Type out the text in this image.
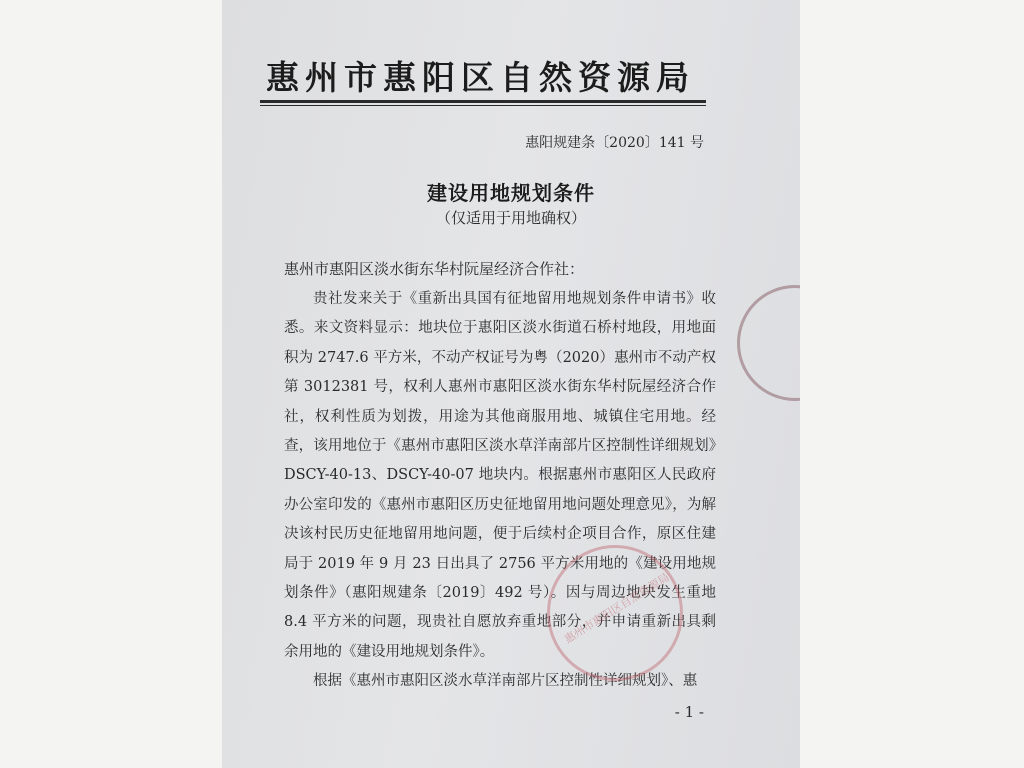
惠州市惠阳区自然资源局
惠阳规建条〔2020〕141 号
建设用地规划条件
（仅适用于用地确权）
惠州市惠阳区淡水街东华村阮屋经济合作社：

贵社发来关于《重新出具国有征地留用地规划条件申请书》收悉。来文资料显示：地块位于惠阳区淡水街道石桥村地段，用地面积为 2747.6 平方米，不动产权证号为粤（2020）惠州市不动产权第 3012381 号，权利人惠州市惠阳区淡水街东华村阮屋经济合作社，权利性质为划拨，用途为其他商服用地、城镇住宅用地。经查，该用地位于《惠州市惠阳区淡水草洋南部片区控制性详细规划》DSCY-40-13、DSCY-40-07 地块内。根据惠州市惠阳区人民政府办公室印发的《惠州市惠阳区历史征地留用地问题处理意见》，为解决该村民历史征地留用地问题，便于后续村企项目合作，原区住建局于 2019 年 9 月 23 日出具了 2756 平方米用地的《建设用地规划条件》（惠阳规建条〔2019〕492 号）。因与周边地块发生重地 8.4 平方米的问题，现贵社自愿放弃重地部分，并申请重新出具剩余用地的《建设用地规划条件》。

根据《惠州市惠阳区淡水草洋南部片区控制性详细规划》、惠

惠州市惠阳区自然资源局
- 1 -
